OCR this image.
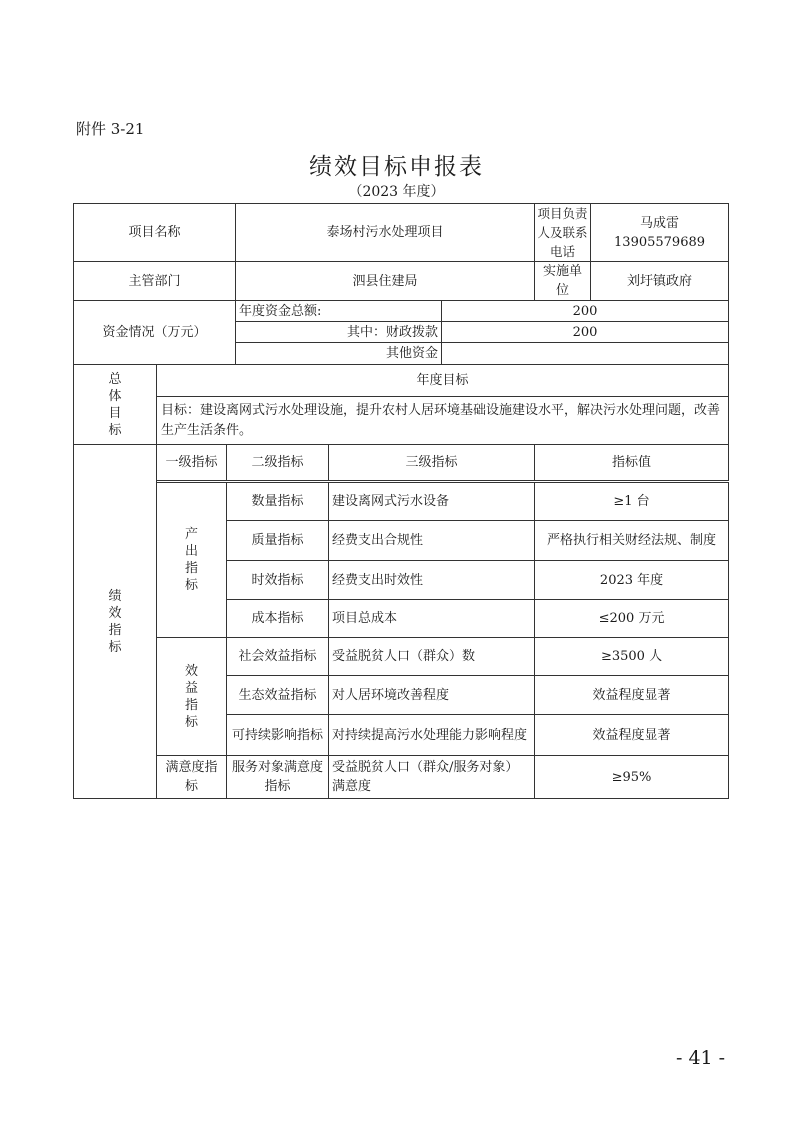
附件 3-21
绩效目标申报表
（2023 年度）
项目名称			泰场村污水处理项目			项目负责人及联系电话	马成雷
13905579689

主管部门			泗县住建局			实施单位	刘圩镇政府
资金情况（万元）			年度资金总额:		200		
			其中：财政拨款		200		
			其他资金				

总
体
目
标	年度目标						
	目标：建设离网式污水处理设施，提升农村人居环境基础设施建设水平，解决污水处理问题，改善生产生活条件。						

绩
效
指
标	一级指标	二级指标		三级指标		指标值	

	产
出
指
标	数量指标		建设离网式污水设备		≥1 台	
		质量指标		经费支出合规性		严格执行相关财经法规、制度	
		时效指标		经费支出时效性		2023 年度	
		成本指标		项目总成本		≤200 万元	

	效
益
指
标	社会效益指标		受益脱贫人口（群众）数		≥3500 人	
		生态效益指标		对人居环境改善程度		效益程度显著	
		可持续影响指标		对持续提高污水处理能力影响程度		效益程度显著	
	满意度指标	服务对象满意度指标		受益脱贫人口（群众/服务对象）满意度		≥95%	
- 41 -
